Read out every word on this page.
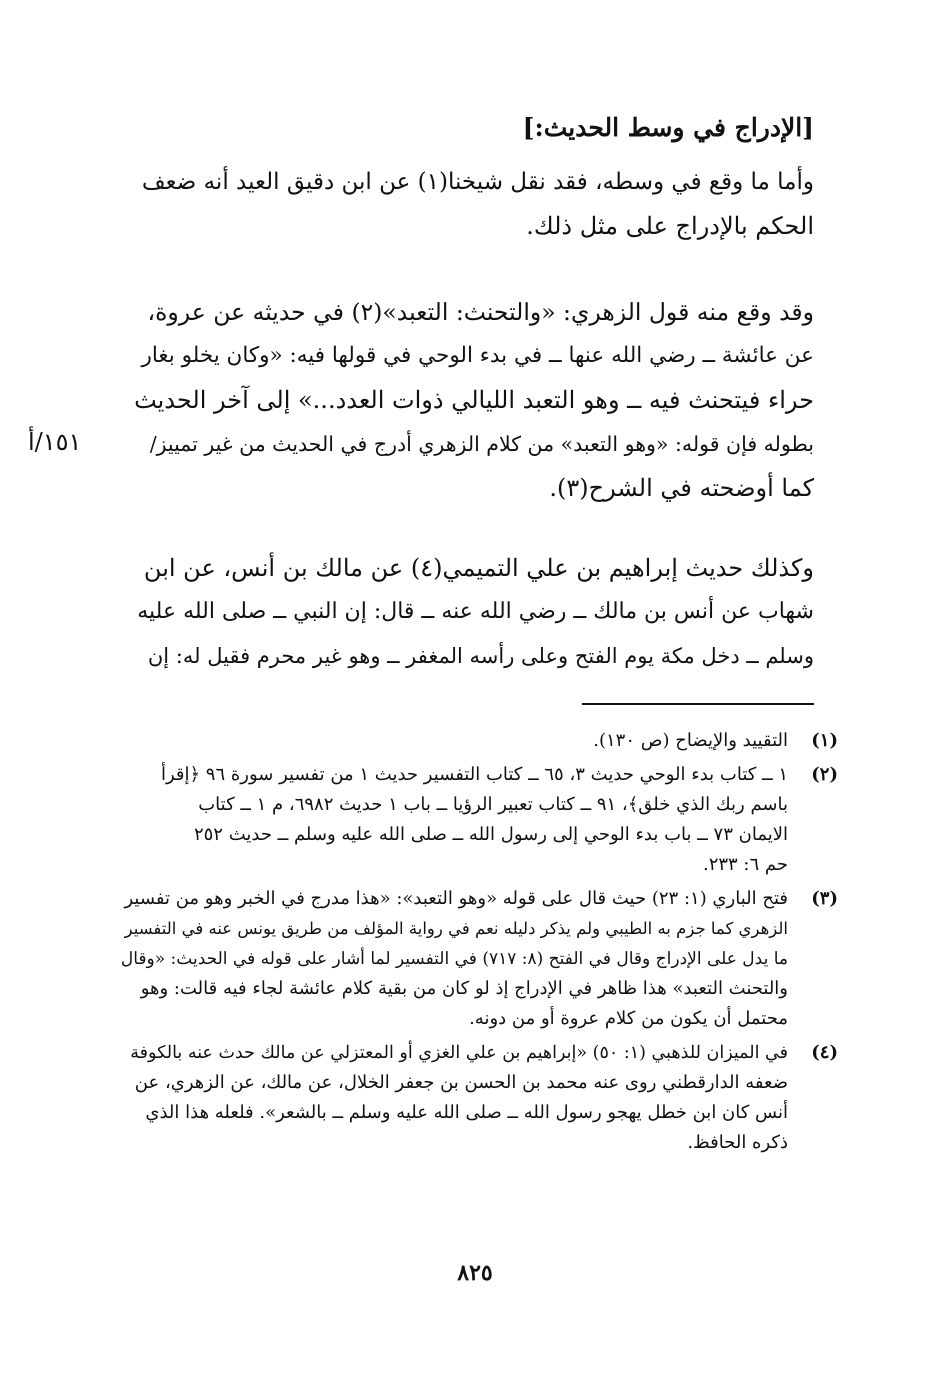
[الإدراج في وسط الحديث:]
وأما ما وقع في وسطه، فقد نقل شيخنا(١) عن ابن دقيق العيد أنه ضعف
الحكم بالإدراج على مثل ذلك.
وقد وقع منه قول الزهري: «والتحنث: التعبد»(٢) في حديثه عن عروة،
عن عائشة ــ رضي الله عنها ــ في بدء الوحي في قولها فيه: «وكان يخلو بغار
حراء فيتحنث فيه ــ وهو التعبد الليالي ذوات العدد...» إلى آخر الحديث
بطوله فإن قوله: «وهو التعبد» من كلام الزهري أدرج في الحديث من غير تمييز/
كما أوضحته في الشرح(٣).
١٥١/أ
وكذلك حديث إبراهيم بن علي التميمي(٤) عن مالك بن أنس، عن ابن
شهاب عن أنس بن مالك ــ رضي الله عنه ــ قال: إن النبي ــ صلى الله عليه
وسلم ــ دخل مكة يوم الفتح وعلى رأسه المغفر ــ وهو غير محرم فقيل له: إن
(١)
التقييد والإيضاح (ص ١٣٠).
(٢)
١ ــ كتاب بدء الوحي حديث ٣، ٦٥ ــ كتاب التفسير حديث ١ من تفسير سورة ٩٦ ﴿إقرأ
باسم ربك الذي خلق﴾، ٩١ ــ كتاب تعبير الرؤيا ــ باب ١ حديث ٦٩٨٢، م ١ ــ كتاب
الايمان ٧٣ ــ باب بدء الوحي إلى رسول الله ــ صلى الله عليه وسلم ــ حديث ٢٥٢
حم ٦: ٢٣٣.
(٣)
فتح الباري (١: ٢٣) حيث قال على قوله «وهو التعبد»: «هذا مدرج في الخبر وهو من تفسير
الزهري كما جزم به الطيبي ولم يذكر دليله نعم في رواية المؤلف من طريق يونس عنه في التفسير
ما يدل على الإدراج وقال في الفتح (٨: ٧١٧) في التفسير لما أشار على قوله في الحديث: «وقال
والتحنث التعبد» هذا ظاهر في الإدراج إذ لو كان من بقية كلام عائشة لجاء فيه قالت: وهو
محتمل أن يكون من كلام عروة أو من دونه.
(٤)
في الميزان للذهبي (١: ٥٠) «إبراهيم بن علي الغزي أو المعتزلي عن مالك حدث عنه بالكوفة
ضعفه الدارقطني روى عنه محمد بن الحسن بن جعفر الخلال، عن مالك، عن الزهري، عن
أنس كان ابن خطل يهجو رسول الله ــ صلى الله عليه وسلم ــ بالشعر». فلعله هذا الذي
ذكره الحافظ.
٨٢٥
